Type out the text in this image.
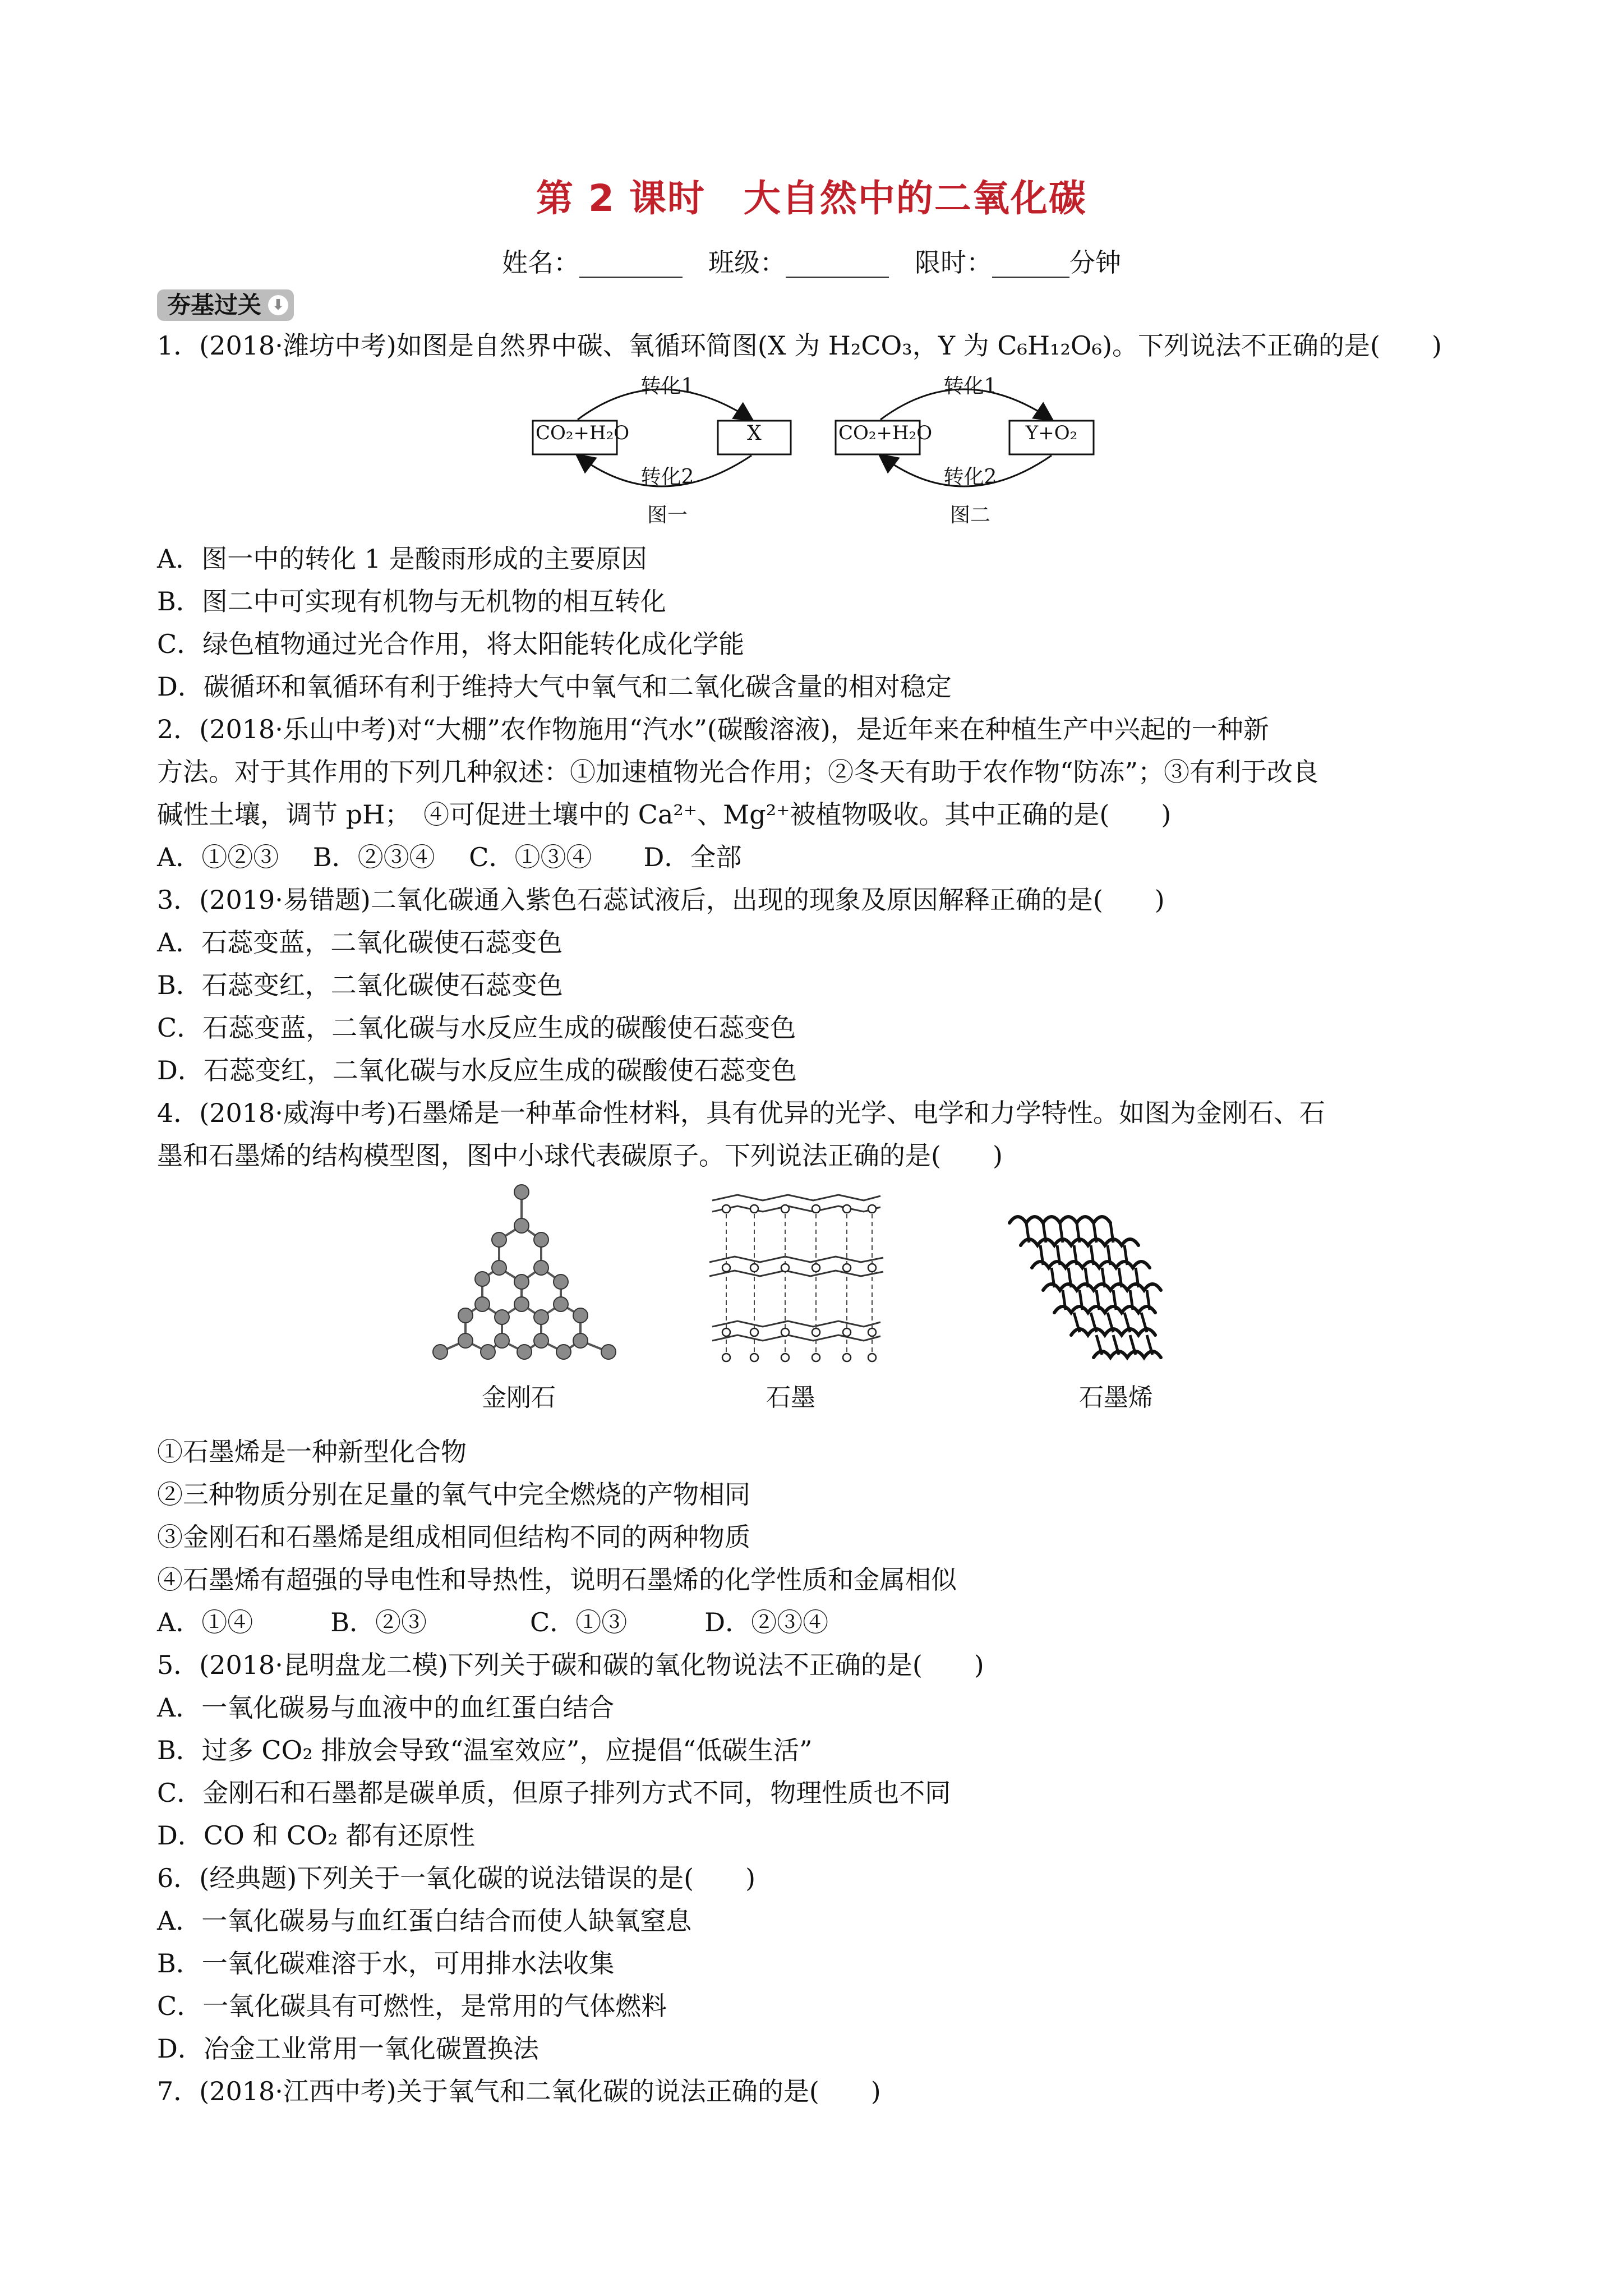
第 2 课时　大自然中的二氧化碳
姓名：________　班级：________　限时：______分钟
夯基过关 ⬇
1．(2018·潍坊中考)如图是自然界中碳、氧循环简图(X 为 H₂CO₃，Y 为 C₆H₁₂O₆)。下列说法不正确的是(　　)
CO₂+H₂O	X
转化1
转化2
图一
CO₂+H₂O	Y+O₂
转化1
转化2
图二
A．图一中的转化 1 是酸雨形成的主要原因
B．图二中可实现有机物与无机物的相互转化
C．绿色植物通过光合作用，将太阳能转化成化学能
D．碳循环和氧循环有利于维持大气中氧气和二氧化碳含量的相对稳定
2．(2018·乐山中考)对“大棚”农作物施用“汽水”(碳酸溶液)，是近年来在种植生产中兴起的一种新
方法。对于其作用的下列几种叙述：①加速植物光合作用；②冬天有助于农作物“防冻”；③有利于改良
碱性土壤，调节 pH；　④可促进土壤中的 Ca²⁺、Mg²⁺被植物吸收。其中正确的是(　　)
A．①②③　 B．②③④　 C．①③④　　D．全部
3．(2019·易错题)二氧化碳通入紫色石蕊试液后，出现的现象及原因解释正确的是(　　)
A．石蕊变蓝，二氧化碳使石蕊变色
B．石蕊变红，二氧化碳使石蕊变色
C．石蕊变蓝，二氧化碳与水反应生成的碳酸使石蕊变色
D．石蕊变红，二氧化碳与水反应生成的碳酸使石蕊变色
4．(2018·威海中考)石墨烯是一种革命性材料，具有优异的光学、电学和力学特性。如图为金刚石、石
墨和石墨烯的结构模型图，图中小球代表碳原子。下列说法正确的是(　　)
金刚石	石墨	石墨烯
①石墨烯是一种新型化合物
②三种物质分别在足量的氧气中完全燃烧的产物相同
③金刚石和石墨烯是组成相同但结构不同的两种物质
④石墨烯有超强的导电性和导热性，说明石墨烯的化学性质和金属相似
A．①④　　　B．②③　　　　C．①③　　　D．②③④
5．(2018·昆明盘龙二模)下列关于碳和碳的氧化物说法不正确的是(　　)
A．一氧化碳易与血液中的血红蛋白结合
B．过多 CO₂ 排放会导致“温室效应”，应提倡“低碳生活”
C．金刚石和石墨都是碳单质，但原子排列方式不同，物理性质也不同
D．CO 和 CO₂ 都有还原性
6．(经典题)下列关于一氧化碳的说法错误的是(　　)
A．一氧化碳易与血红蛋白结合而使人缺氧窒息
B．一氧化碳难溶于水，可用排水法收集
C．一氧化碳具有可燃性，是常用的气体燃料
D．冶金工业常用一氧化碳置换法
7．(2018·江西中考)关于氧气和二氧化碳的说法正确的是(　　)
